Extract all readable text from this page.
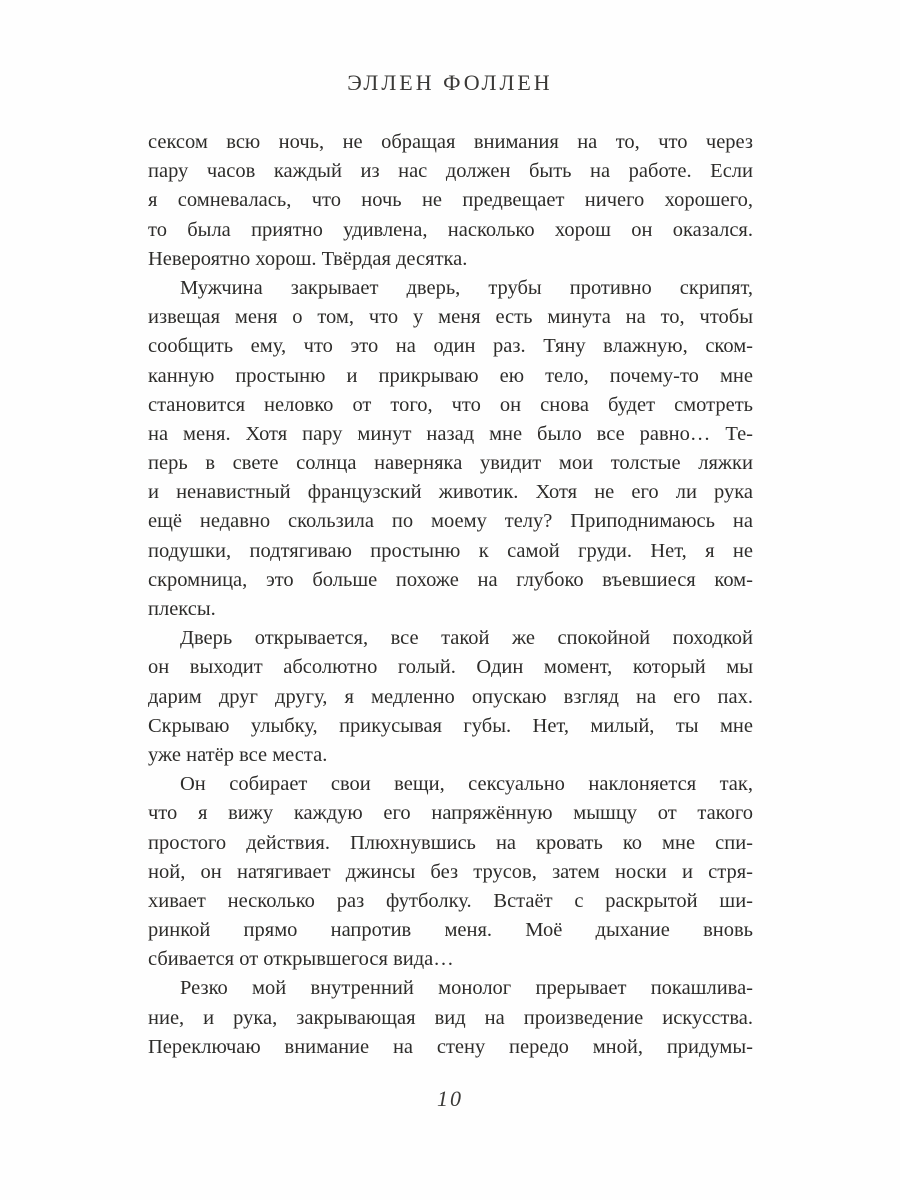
ЭЛЛЕН ФОЛЛЕН
сексом всю ночь, не обращая внимания на то, что через
пару часов каждый из нас должен быть на работе. Если
я сомневалась, что ночь не предвещает ничего хорошего,
то была приятно удивлена, насколько хорош он оказался.
Невероятно хорош. Твёрдая десятка.
Мужчина закрывает дверь, трубы противно скрипят,
извещая меня о том, что у меня есть минута на то, чтобы
сообщить ему, что это на один раз. Тяну влажную, ском-
канную простыню и прикрываю ею тело, почему-то мне
становится неловко от того, что он снова будет смотреть
на меня. Хотя пару минут назад мне было все равно… Те-
перь в свете солнца наверняка увидит мои толстые ляжки
и ненавистный французский животик. Хотя не его ли рука
ещё недавно скользила по моему телу? Приподнимаюсь на
подушки, подтягиваю простыню к самой груди. Нет, я не
скромница, это больше похоже на глубоко въевшиеся ком-
плексы.
Дверь открывается, все такой же спокойной походкой
он выходит абсолютно голый. Один момент, который мы
дарим друг другу, я медленно опускаю взгляд на его пах.
Скрываю улыбку, прикусывая губы. Нет, милый, ты мне
уже натёр все места.
Он собирает свои вещи, сексуально наклоняется так,
что я вижу каждую его напряжённую мышцу от такого
простого действия. Плюхнувшись на кровать ко мне спи-
ной, он натягивает джинсы без трусов, затем носки и стря-
хивает несколько раз футболку. Встаёт с раскрытой ши-
ринкой прямо напротив меня. Моё дыхание вновь
сбивается от открывшегося вида…
Резко мой внутренний монолог прерывает покашлива-
ние, и рука, закрывающая вид на произведение искусства.
Переключаю внимание на стену передо мной, придумы-
10
